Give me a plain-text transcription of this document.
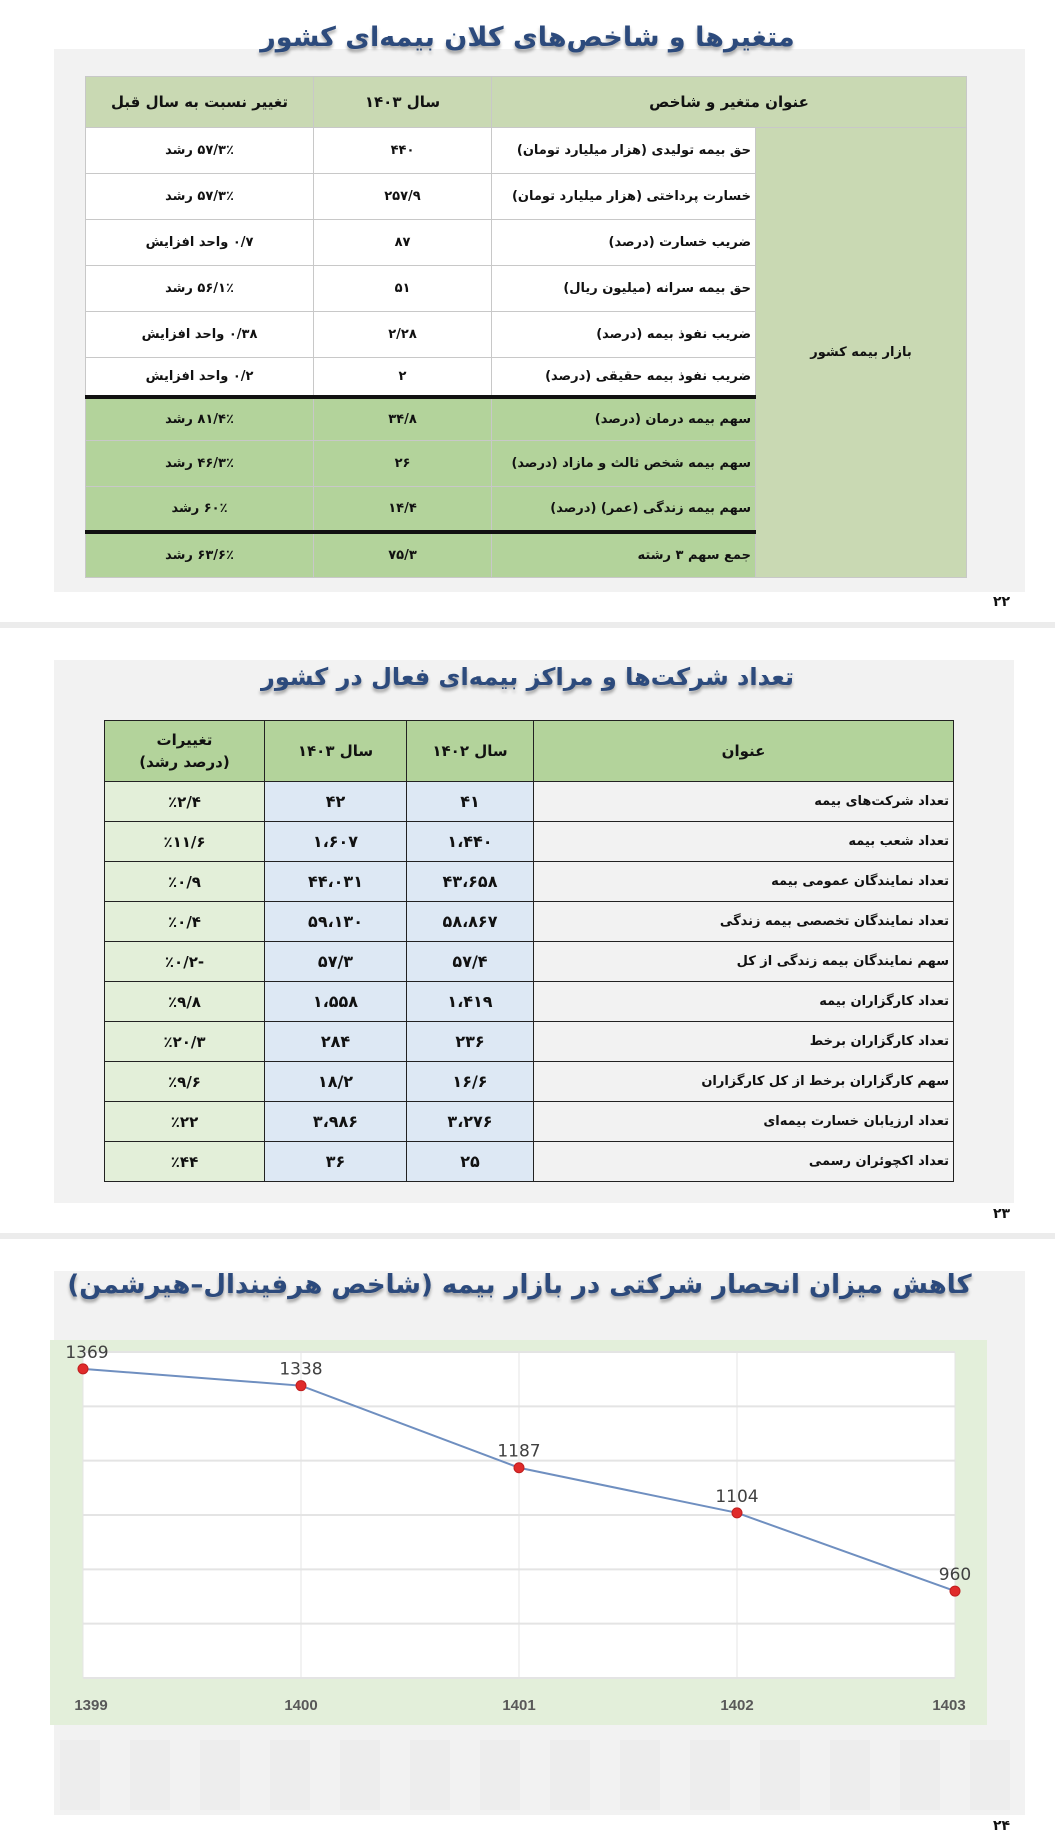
متغیرها و شاخص‌های کلان بیمه‌ای کشور
عنوان متغیر و شاخص		سال ۱۴۰۳	تغییر نسبت به سال قبل
بازار بیمه کشور	حق بیمه تولیدی (هزار میلیارد تومان)	۴۴۰	۵۷/۳٪ رشد
	خسارت پرداختی (هزار میلیارد تومان)	۲۵۷/۹	۵۷/۳٪ رشد
	ضریب خسارت (درصد)	۸۷	۰/۷ واحد افزایش
	حق بیمه سرانه (میلیون ریال)	۵۱	۵۶/۱٪ رشد
	ضریب نفوذ بیمه (درصد)	۲/۲۸	۰/۳۸ واحد افزایش
	ضریب نفوذ بیمه حقیقی (درصد)	۲	۰/۲ واحد افزایش
	سهم بیمه درمان (درصد)	۳۴/۸	۸۱/۴٪ رشد
	سهم بیمه شخص ثالث و مازاد (درصد)	۲۶	۴۶/۳٪ رشد
	سهم بیمه زندگی (عمر) (درصد)	۱۴/۴	۶۰٪ رشد
	جمع سهم ۳ رشته	۷۵/۳	۶۳/۶٪ رشد
۲۲
تعداد شرکت‌ها و مراکز بیمه‌ای فعال در کشور
عنوان	سال ۱۴۰۲	سال ۱۴۰۳	تغییرات
(درصد رشد)

تعداد شرکت‌های بیمه	۴۱	۴۲	٪۲/۴
تعداد شعب بیمه	۱،۴۴۰	۱،۶۰۷	٪۱۱/۶
تعداد نمایندگان عمومی بیمه	۴۳،۶۵۸	۴۴،۰۳۱	٪۰/۹
تعداد نمایندگان تخصصی بیمه زندگی	۵۸،۸۶۷	۵۹،۱۳۰	٪۰/۴
سهم نمایندگان بیمه زندگی از کل	۵۷/۴	۵۷/۳	-٪۰/۲
تعداد کارگزاران بیمه	۱،۴۱۹	۱،۵۵۸	٪۹/۸
تعداد کارگزاران برخط	۲۳۶	۲۸۴	٪۲۰/۳
سهم کارگزاران برخط از کل کارگزاران	۱۶/۶	۱۸/۲	٪۹/۶
تعداد ارزیابان خسارت بیمه‌ای	۳،۲۷۶	۳،۹۸۶	٪۲۲
تعداد اکچوئران رسمی	۲۵	۳۶	٪۴۴
۲۳
کاهش میزان انحصار شرکتی در بازار بیمه (شاخص هرفیندال–هیرشمن)
1369
1399
1338
1400
1187
1401
1104
1402
960
1403
۲۴
